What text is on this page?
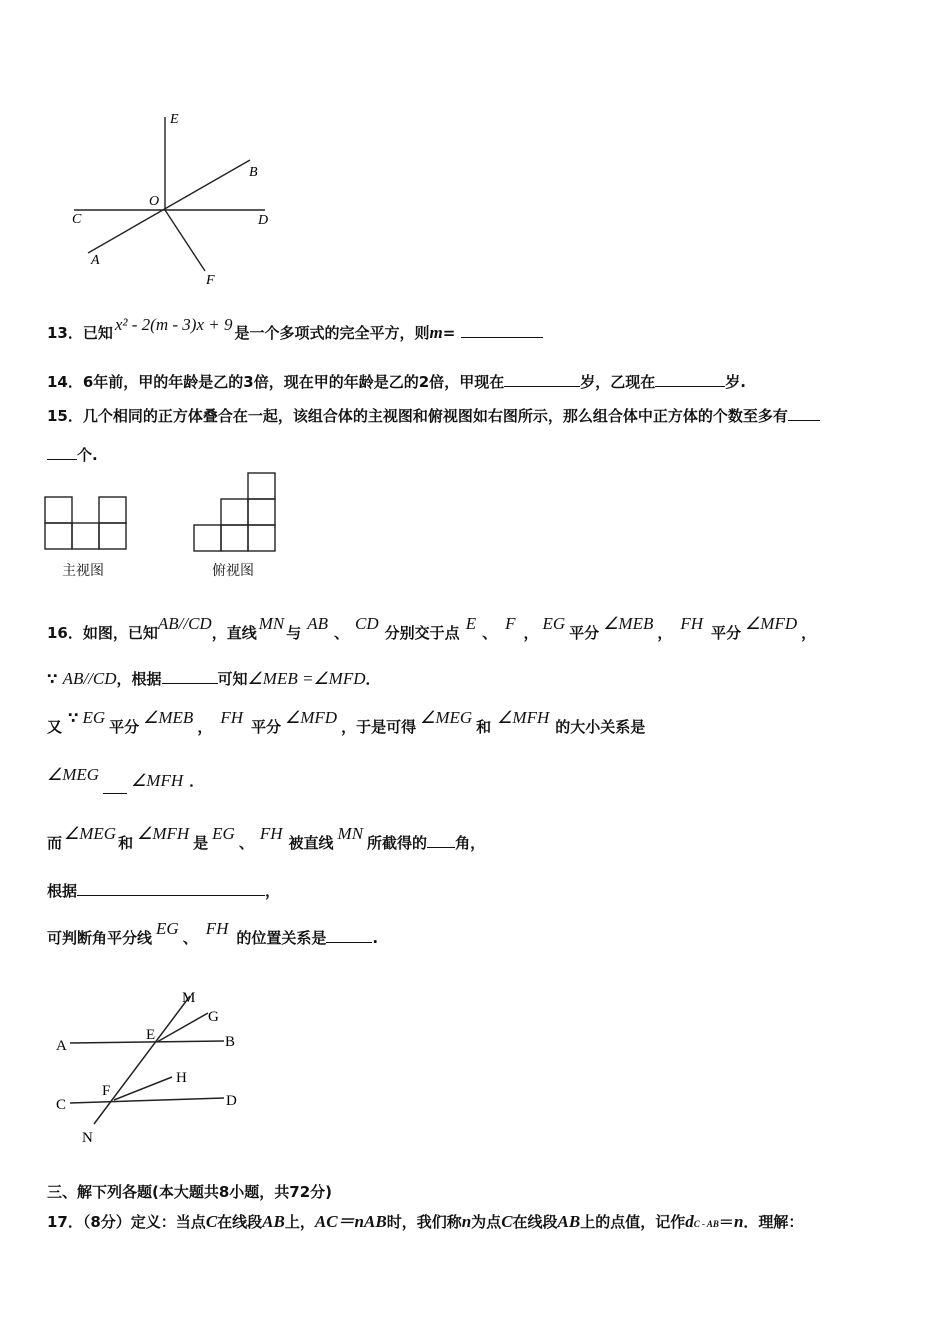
E
B
O
C	D
A
F
13．已知 x² - 2(m - 3)x + 9 是一个多项式的完全平方，则m=
14．6年前，甲的年龄是乙的3倍，现在甲的年龄是乙的2倍，甲现在	岁，乙现在	岁.
15．几个相同的正方体叠合在一起，该组合体的主视图和俯视图如右图所示，那么组合体中正方体的个数至多有
个.
主视图	俯视图
16．如图，已知AB//CD，直线 MN 与 AB 、 CD 分别交于点 E 、 F ， EG 平分 ∠MEB ， FH 平分 ∠MFD ，
∵ AB//CD，根据	可知∠MEB =∠MFD．
又 ∵ EG 平分 ∠MEB ， FH 平分 ∠MFD ，于是可得 ∠MEG 和 ∠MFH 的大小关系是
∠MEG ∠MFH ．
而 ∠MEG 和 ∠MFH 是 EG 、 FH 被直线 MN 所截得的 角，
根据	，
可判断角平分线 EG 、 FH 的位置关系是	.
M
G
A
E	B
H
F
C	D
N
三、解下列各题(本大题共8小题，共72分)
17．（8分）定义：当点C在线段AB上，AC＝nAB时，我们称n为点C在线段AB上的点值，记作dC - AB＝n．理解：
